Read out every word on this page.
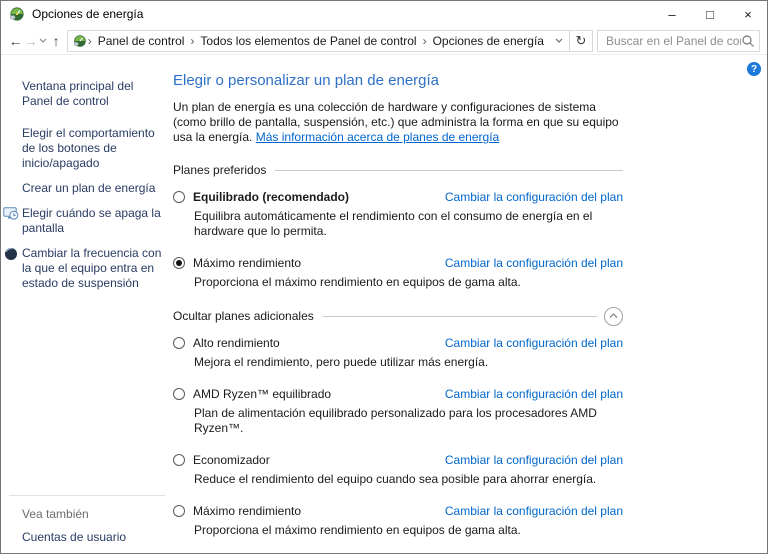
Opciones de energía	–	□	×
← → ↑	› Panel de control › Todos los elementos de Panel de control › Opciones de energía	↻
Buscar en el Panel de control
Ventana principal del Panel de control
Elegir el comportamiento de los botones de inicio/apagado
Crear un plan de energía
Elegir cuándo se apaga la pantalla
Cambiar la frecuencia con la que el equipo entra en estado de suspensión
Vea también
Cuentas de usuario
Elegir o personalizar un plan de energía
Un plan de energía es una colección de hardware y configuraciones de sistema (como brillo de pantalla, suspensión, etc.) que administra la forma en que su equipo usa la energía. Más información acerca de planes de energía
Planes preferidos
Equilibrado (recomendado)	Cambiar la configuración del plan
Equilibra automáticamente el rendimiento con el consumo de energía en el hardware que lo permita.
Máximo rendimiento	Cambiar la configuración del plan
Proporciona el máximo rendimiento en equipos de gama alta.
Ocultar planes adicionales
Alto rendimiento	Cambiar la configuración del plan
Mejora el rendimiento, pero puede utilizar más energía.
AMD Ryzen™ equilibrado	Cambiar la configuración del plan
Plan de alimentación equilibrado personalizado para los procesadores AMD Ryzen™.
Economizador	Cambiar la configuración del plan
Reduce el rendimiento del equipo cuando sea posible para ahorrar energía.
Máximo rendimiento	Cambiar la configuración del plan
Proporciona el máximo rendimiento en equipos de gama alta.
?
